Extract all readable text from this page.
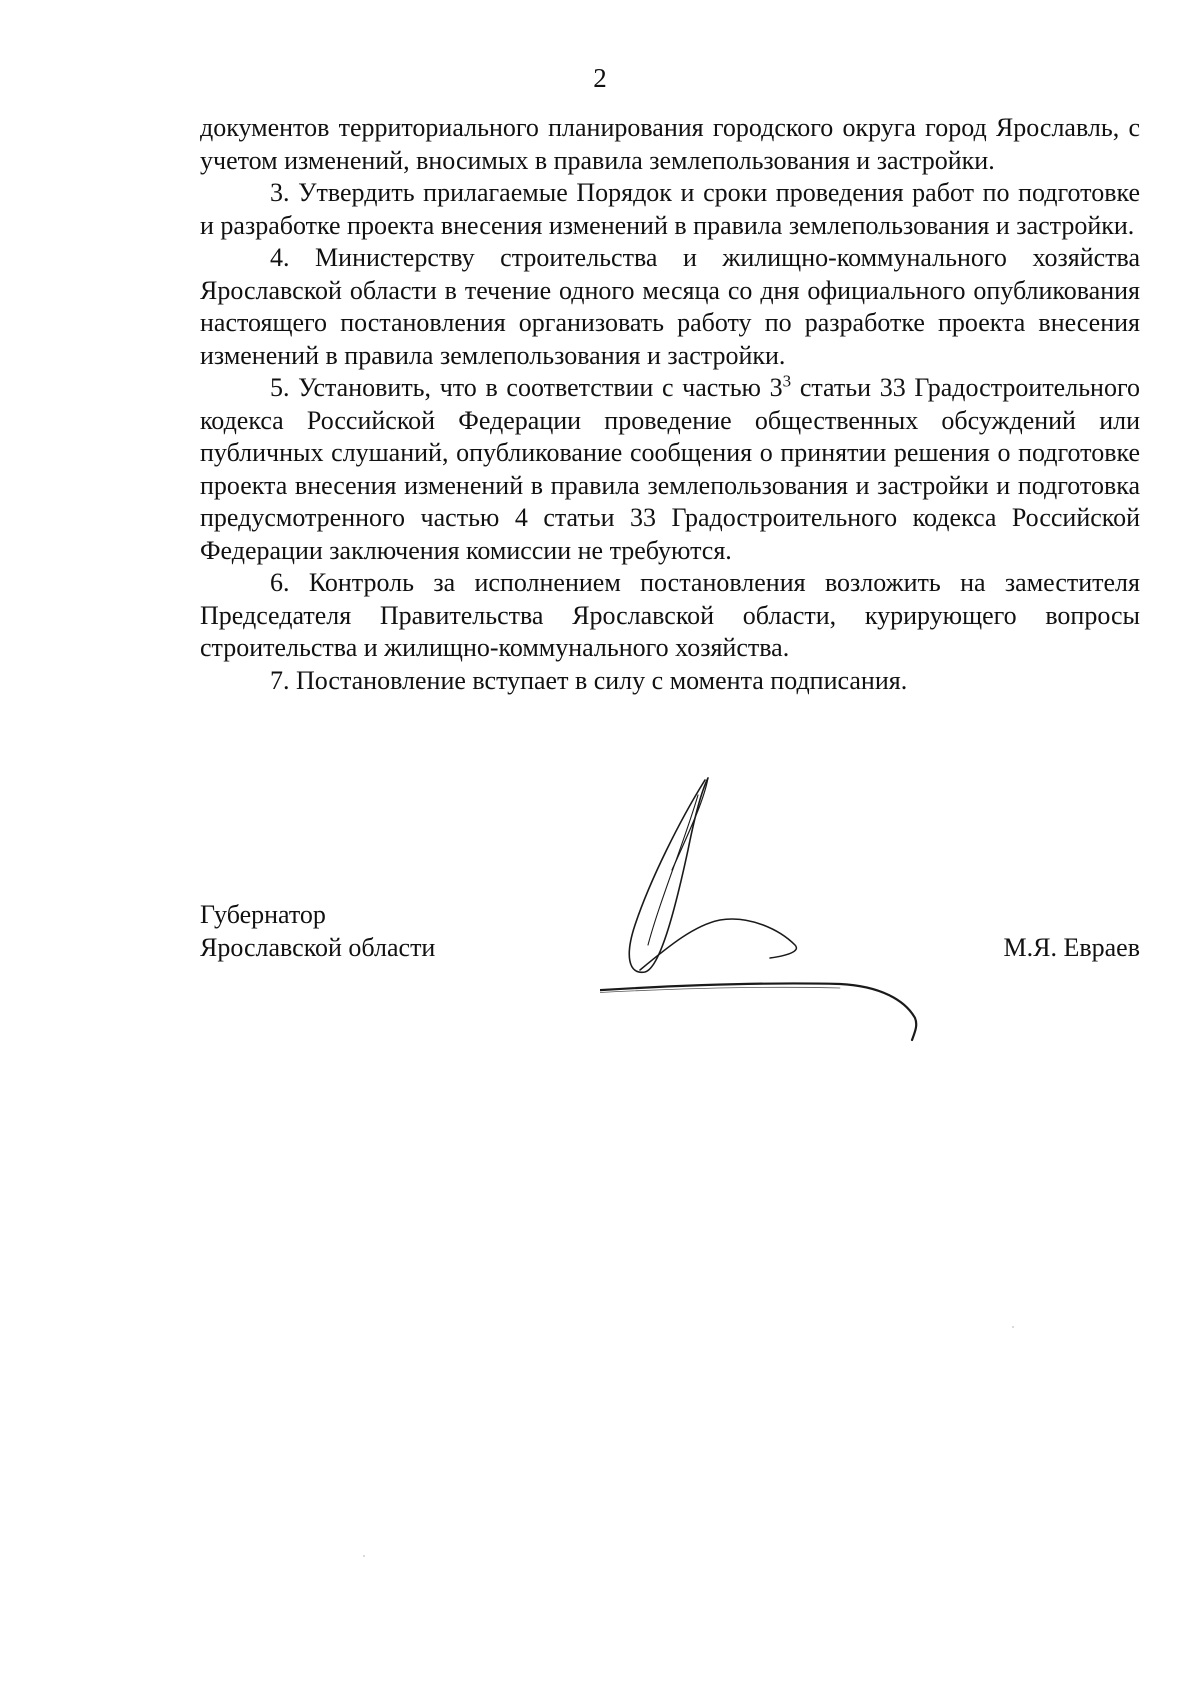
2

документов территориального планирования городского округа город Ярославль, с учетом изменений, вносимых в правила землепользования и застройки.

3. Утвердить прилагаемые Порядок и сроки проведения работ по подготовке и разработке проекта внесения изменений в правила землепользования и застройки.

4. Министерству строительства и жилищно-коммунального хозяйства Ярославской области в течение одного месяца со дня официального опубликования настоящего постановления организовать работу по разработке проекта внесения изменений в правила землепользования и застройки.

5. Установить, что в соответствии с частью $3^3$ статьи 33 Градостроительного кодекса Российской Федерации проведение общественных обсуждений или публичных слушаний, опубликование сообщения о принятии решения о подготовке проекта внесения изменений в правила землепользования и застройки и подготовка предусмотренного частью 4 статьи 33 Градостроительного кодекса Российской Федерации заключения комиссии не требуются.

6. Контроль за исполнением постановления возложить на заместителя Председателя Правительства Ярославской области, курирующего вопросы строительства и жилищно-коммунального хозяйства.

7. Постановление вступает в силу с момента подписания.

Губернатор
Ярославской области	М.Я. Евраев
